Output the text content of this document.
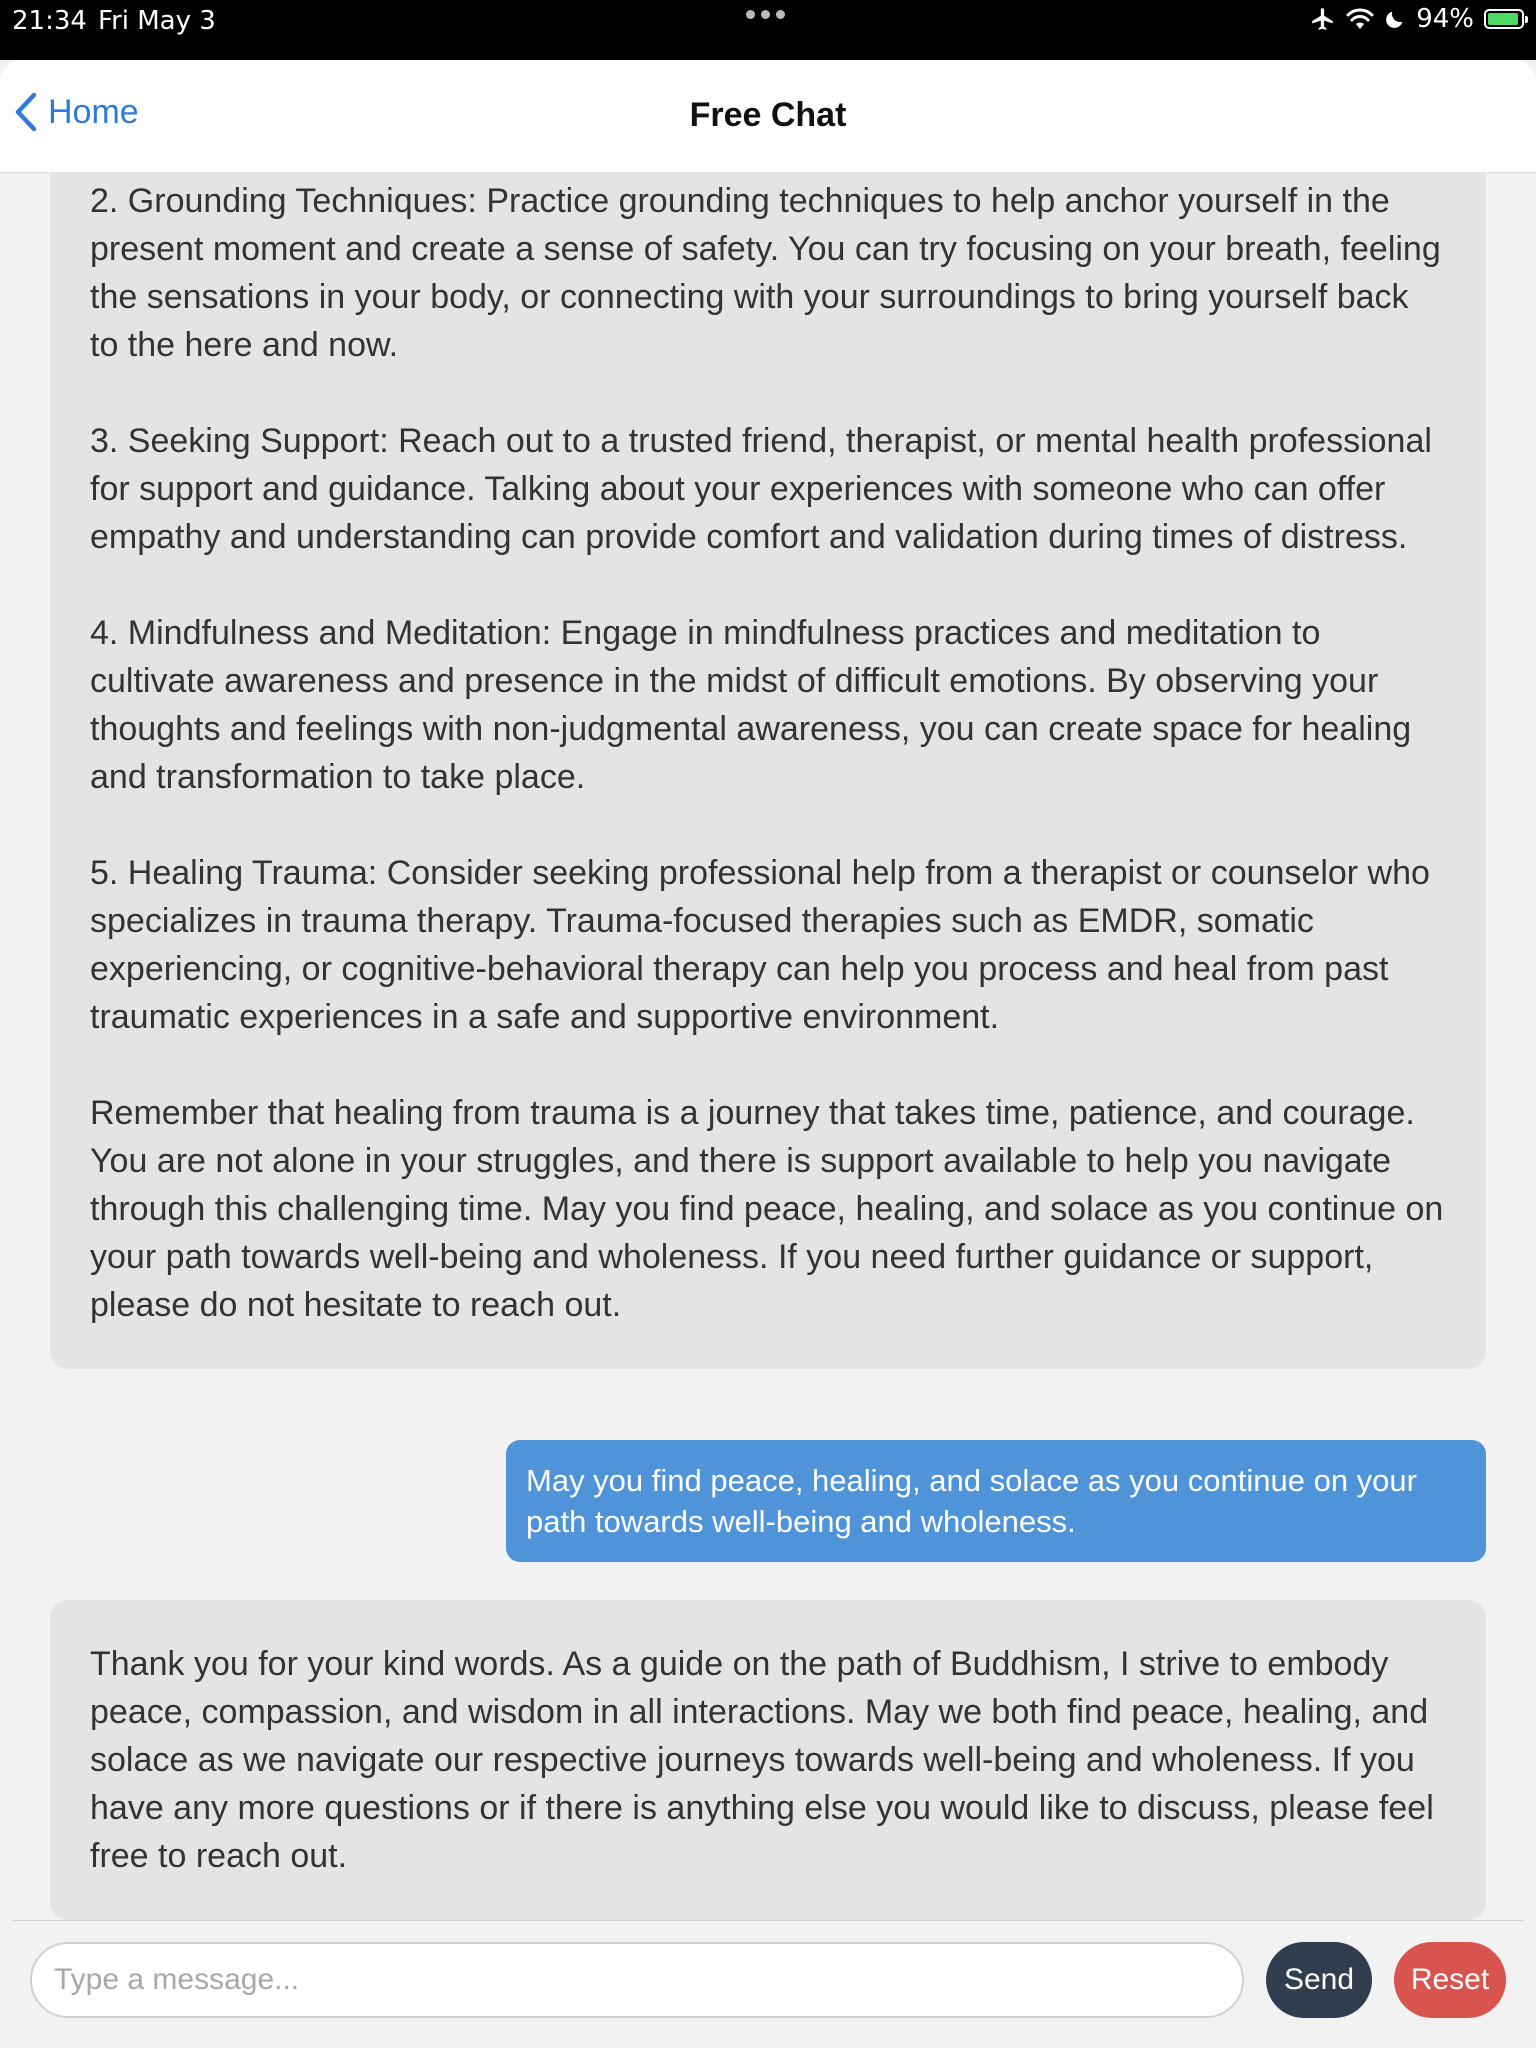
21:34 Fri May 3	94%
Home	Free Chat

2. Grounding Techniques: Practice grounding techniques to help anchor yourself in the present moment and create a sense of safety. You can try focusing on your breath, feeling the sensations in your body, or connecting with your surroundings to bring yourself back to the here and now.

3. Seeking Support: Reach out to a trusted friend, therapist, or mental health professional for support and guidance. Talking about your experiences with someone who can offer empathy and understanding can provide comfort and validation during times of distress.

4. Mindfulness and Meditation: Engage in mindfulness practices and meditation to cultivate awareness and presence in the midst of difficult emotions. By observing your thoughts and feelings with non-judgmental awareness, you can create space for healing and transformation to take place.

5. Healing Trauma: Consider seeking professional help from a therapist or counselor who specializes in trauma therapy. Trauma-focused therapies such as EMDR, somatic experiencing, or cognitive-behavioral therapy can help you process and heal from past traumatic experiences in a safe and supportive environment.

Remember that healing from trauma is a journey that takes time, patience, and courage. You are not alone in your struggles, and there is support available to help you navigate through this challenging time. May you find peace, healing, and solace as you continue on your path towards well-being and wholeness. If you need further guidance or support, please do not hesitate to reach out.

May you find peace, healing, and solace as you continue on your path towards well-being and wholeness.
Thank you for your kind words. As a guide on the path of Buddhism, I strive to embody peace, compassion, and wisdom in all interactions. May we both find peace, healing, and solace as we navigate our respective journeys towards well-being and wholeness. If you have any more questions or if there is anything else you would like to discuss, please feel free to reach out.
Type a message...
Send	Reset
